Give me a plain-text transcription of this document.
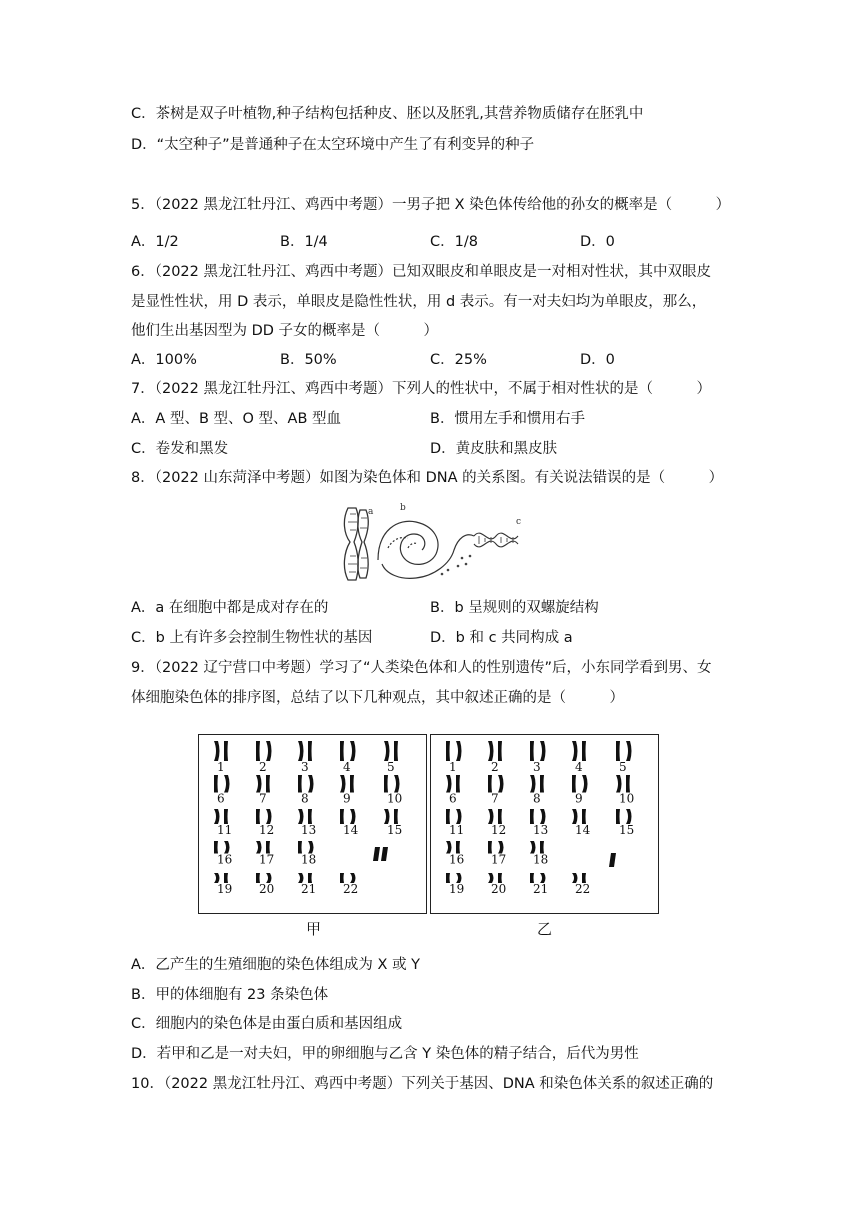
C．茶树是双子叶植物,种子结构包括种皮、胚以及胚乳,其营养物质储存在胚乳中
D．“太空种子”是普通种子在太空环境中产生了有利变异的种子
5．（2022 黑龙江牡丹江、鸡西中考题）一男子把 X 染色体传给他的孙女的概率是（　　　）
A．1/2	B．1/4	C．1/8	D．0
6．（2022 黑龙江牡丹江、鸡西中考题）已知双眼皮和单眼皮是一对相对性状，其中双眼皮
是显性性状，用 D 表示，单眼皮是隐性性状，用 d 表示。有一对夫妇均为单眼皮，那么，
他们生出基因型为 DD 子女的概率是（　　　）
A．100%	B．50%	C．25%	D．0
7．（2022 黑龙江牡丹江、鸡西中考题）下列人的性状中，不属于相对性状的是（　　　）
A．A 型、B 型、O 型、AB 型血	B．惯用左手和惯用右手
C．卷发和黑发	D．黄皮肤和黑皮肤
8．（2022 山东菏泽中考题）如图为染色体和 DNA 的关系图。有关说法错误的是（　　　）
a	b
c
A．a 在细胞中都是成对存在的	B．b 呈规则的双螺旋结构
C．b 上有许多会控制生物性状的基因	D．b 和 c 共同构成 a
9．（2022 辽宁营口中考题）学习了“人类染色体和人的性别遗传”后，小东同学看到男、女
体细胞染色体的排序图，总结了以下几种观点，其中叙述正确的是（　　　）
1	2	3	4	5
6	7	8	9	10
11 12 13 14 15
16 17 18
19 20 21 22
1	2	3	4	5
6	7	8	9	10
11 12 13 14 15
16 17 18
19 20 21 22
甲	乙
A．乙产生的生殖细胞的染色体组成为 X 或 Y
B．甲的体细胞有 23 条染色体
C．细胞内的染色体是由蛋白质和基因组成
D．若甲和乙是一对夫妇，甲的卵细胞与乙含 Y 染色体的精子结合，后代为男性
10．（2022 黑龙江牡丹江、鸡西中考题）下列关于基因、DNA 和染色体关系的叙述正确的
